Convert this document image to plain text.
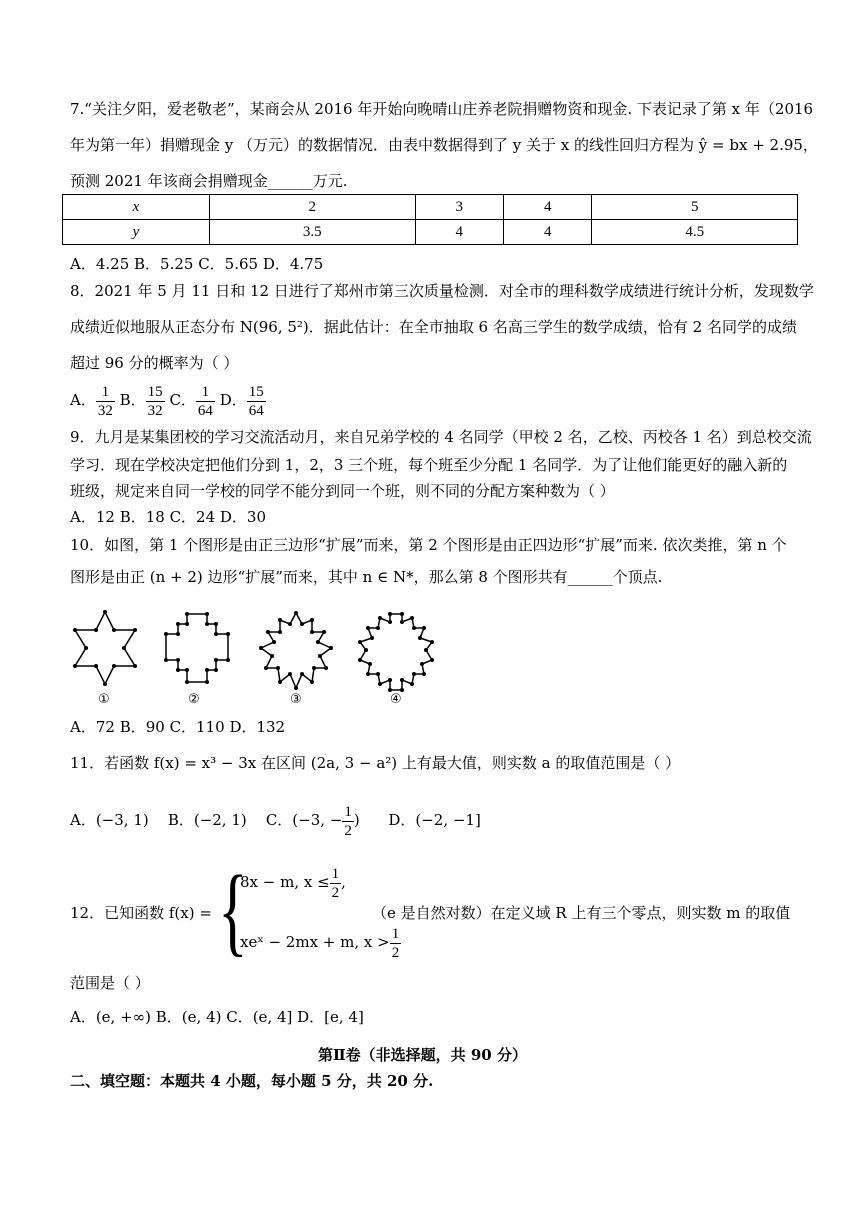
7.“关注夕阳，爱老敬老”，某商会从 2016 年开始向晚晴山庄养老院捐赠物资和现金. 下表记录了第 x 年（2016
年为第一年）捐赠现金 y （万元）的数据情况．由表中数据得到了 y 关于 x 的线性回归方程为 ŷ = bx + 2.95，
预测 2021 年该商会捐赠现金______万元.
x	2	3	4	5
y	3.5	4	4	4.5
A．4.25 B．5.25 C．5.65 D．4.75
8．2021 年 5 月 11 日和 12 日进行了郑州市第三次质量检测．对全市的理科数学成绩进行统计分析，发现数学
成绩近似地服从正态分布 N(96, 5²)．据此估计：在全市抽取 6 名高三学生的数学成绩，恰有 2 名同学的成绩
超过 96 分的概率为（ ）
A． $\frac{1}{32}$ B． $\frac{15}{32}$ C． $\frac{1}{64}$ D． $\frac{15}{64}$
9．九月是某集团校的学习交流活动月，来自兄弟学校的 4 名同学（甲校 2 名，乙校、丙校各 1 名）到总校交流
学习．现在学校决定把他们分到 1，2，3 三个班，每个班至少分配 1 名同学．为了让他们能更好的融入新的
班级，规定来自同一学校的同学不能分到同一个班，则不同的分配方案种数为（ ）
A．12 B．18 C．24 D．30
10．如图，第 1 个图形是由正三边形“扩展”而来，第 2 个图形是由正四边形“扩展”而来. 依次类推，第 n 个
图形是由正 (n + 2) 边形“扩展”而来，其中 n ∈ N*，那么第 8 个图形共有______个顶点.
①	②	③	④
A．72 B．90 C．110 D．132
11．若函数 f(x) = x³ − 3x 在区间 (2a, 3 − a²) 上有最大值，则实数 a 的取值范围是（ ）
A．(−3, 1) B．(−2, 1) C．(−3, − $\frac{1}{2}$ ) D．(−2, −1]
12．已知函数 f(x) = {
8x − m, $x \le \frac{1}{2}$ ,
xeˣ − 2mx + m, $x > \frac{1}{2}$
（e 是自然对数）在定义域 R 上有三个零点，则实数 m 的取值
范围是（ ）
A．(e, +∞) B．(e, 4) C．(e, 4] D．[e, 4]
第Ⅱ卷（非选择题，共 90 分）
二、填空题：本题共 4 小题，每小题 5 分，共 20 分.
